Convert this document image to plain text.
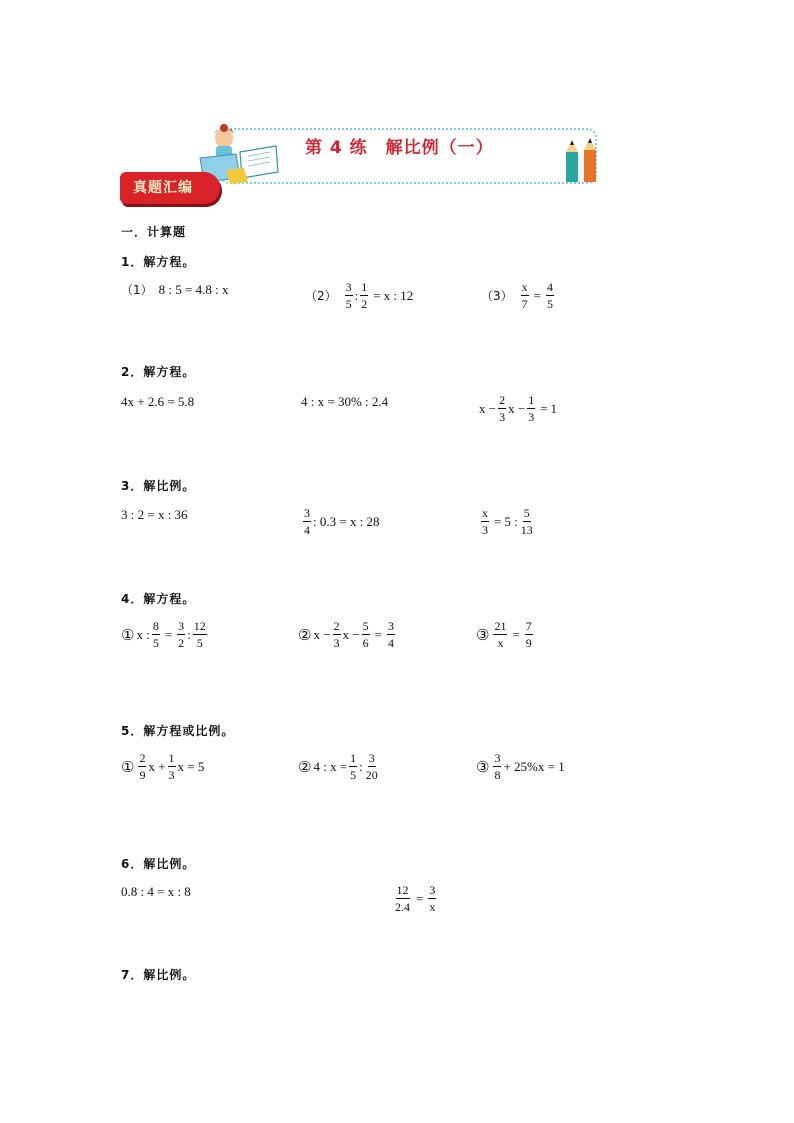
第 4 练　解比例（一）
真题汇编
一．计算题
1．解方程。
（1） 8 : 5 = 4.8 : x	$(2) \frac{3}{5}$ : $\frac{1}{2} = x$ : 12	$(3) \frac{x}{7} = \frac{4}{5}$
2．解方程。
4x + 2.6 = 5.8	4 : x = 30% : 2.4	$x - \frac{2}{3}$ $x - \frac{1}{3} = 1$
3．解比例。
3 : 2 = x : 36	$\frac{3}{4}$ : 0.3 = x : 28	$\frac{x}{3} = 5$ : $\frac{5}{13}$
4．解方程。
① x : $\frac{8}{5} = \frac{3}{2}$ : $\frac{12}{5}$	② $x - \frac{2}{3}$ $x - \frac{5}{6} = \frac{3}{4}$	③ $\frac{21}{x} = \frac{7}{9}$
5．解方程或比例。
① $\frac{2}{9}$ $x + \frac{1}{3}$ x = 5	② 4 : $x = \frac{1}{5}$ : $\frac{3}{20}$	③ $\frac{3}{8} + 25\%x = 1$
6．解比例。
0.8 : 4 = x : 8	$\frac{12}{2.4} = \frac{3}{x}$
7．解比例。
